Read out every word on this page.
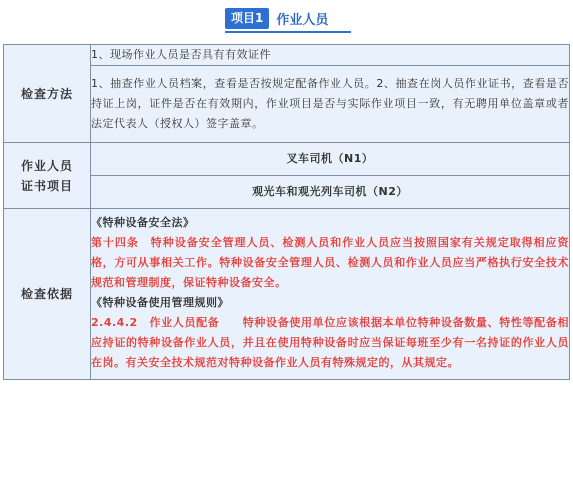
项目1	作业人员
检查方法	1、现场作业人员是否具有有效证件
	1、抽查作业人员档案，查看是否按规定配备作业人员。2、抽查在岗人员作业证书，查看是否持证上岗，证件是否在有效期内，作业项目是否与实际作业项目一致，有无聘用单位盖章或者法定代表人（授权人）签字盖章。

作业人员
证书项目	叉车司机（N1）
	观光车和观光列车司机（N2）
检查依据	《特种设备安全法》

第十四条　特种设备安全管理人员、检测人员和作业人员应当按照国家有关规定取得相应资格，方可从事相关工作。特种设备安全管理人员、检测人员和作业人员应当严格执行安全技术规范和管理制度，保证特种设备安全。

《特种设备使用管理规则》

2.4.4.2　作业人员配备　　特种设备使用单位应该根据本单位特种设备数量、特性等配备相应持证的特种设备作业人员，并且在使用特种设备时应当保证每班至少有一名持证的作业人员在岗。有关安全技术规范对特种设备作业人员有特殊规定的，从其规定。
